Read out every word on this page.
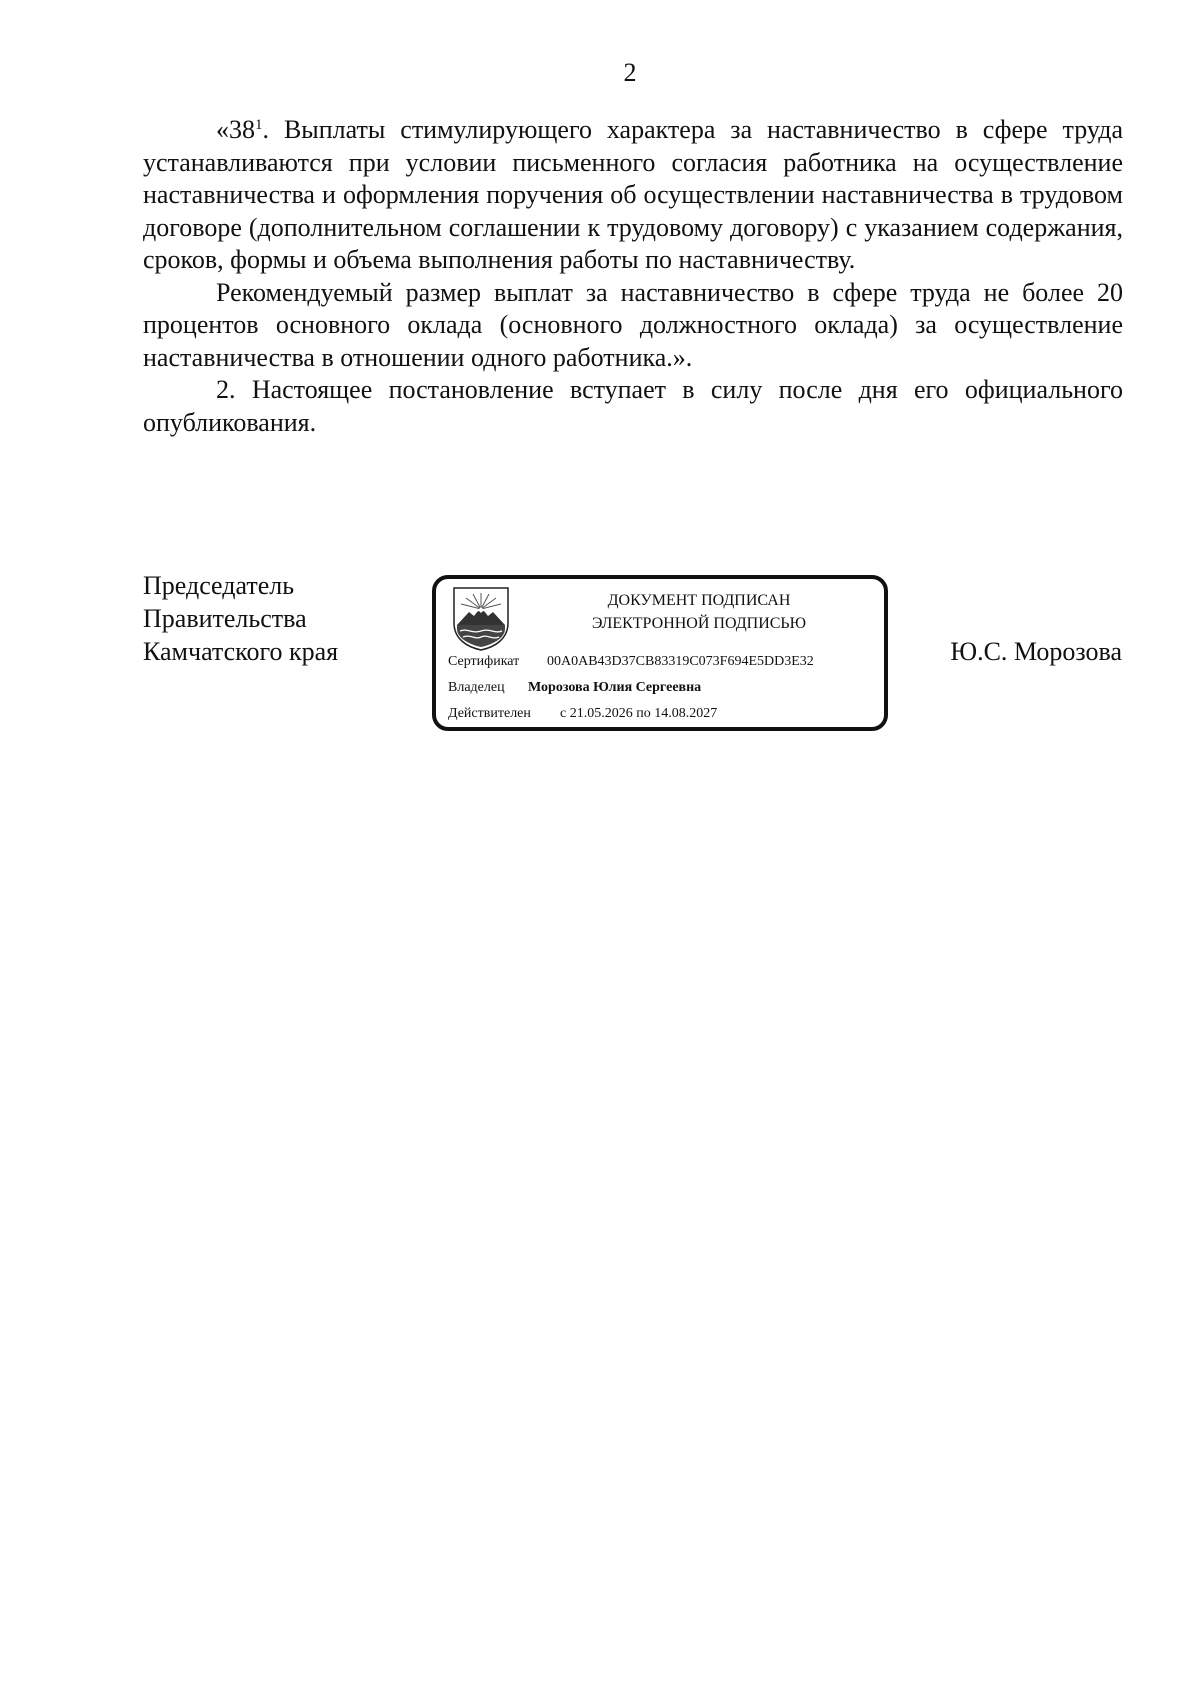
2

«$38^1$. Выплаты стимулирующего характера за наставничество в сфере труда устанавливаются при условии письменного согласия работника на осуществление наставничества и оформления поручения об осуществлении наставничества в трудовом договоре (дополнительном соглашении к трудовому договору) с указанием содержания, сроков, формы и объема выполнения работы по наставничеству.

Рекомендуемый размер выплат за наставничество в сфере труда не более 20 процентов основного оклада (основного должностного оклада) за осуществление наставничества в отношении одного работника.».

2. Настоящее постановление вступает в силу после дня его официального опубликования.

Председатель
Правительства
Камчатского края
ДОКУМЕНТ ПОДПИСАН
ЭЛЕКТРОННОЙ ПОДПИСЬЮ
Сертификат 00A0AB43D37CB83319C073F694E5DD3E32
Владелец Морозова Юлия Сергеевна
Действителен с 21.05.2026 по 14.08.2027
Ю.С. Морозова
